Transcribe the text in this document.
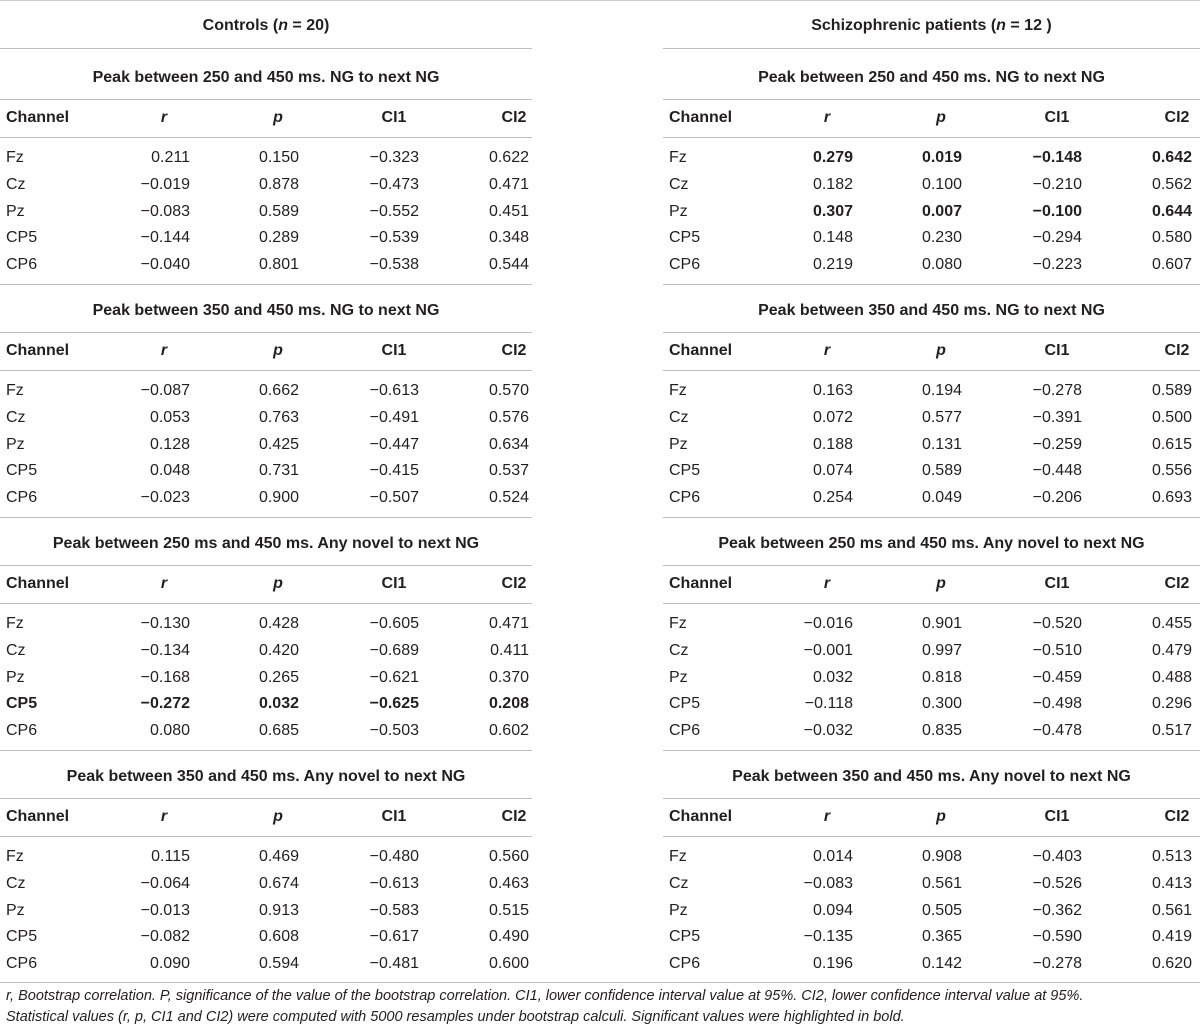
r, Bootstrap correlation. P, significance of the value of the bootstrap correlation. CI1, lower confidence interval value at 95%. CI2, lower confidence interval value at 95%.
Statistical values (r, p, CI1 and CI2) were computed with 5000 resamples under bootstrap calculi. Significant values were highlighted in bold.
Controls (n = 20)
Peak between 250 and 450 ms. NG to next NG
Channel	r	p	CI1	CI2
Fz	0.211	0.150	−0.323	0.622
Cz	−0.019	0.878	−0.473	0.471
Pz	−0.083	0.589	−0.552	0.451
CP5	−0.144	0.289	−0.539	0.348
CP6	−0.040	0.801	−0.538	0.544
Peak between 350 and 450 ms. NG to next NG
Channel	r	p	CI1	CI2
Fz	−0.087	0.662	−0.613	0.570
Cz	0.053	0.763	−0.491	0.576
Pz	0.128	0.425	−0.447	0.634
CP5	0.048	0.731	−0.415	0.537
CP6	−0.023	0.900	−0.507	0.524
Peak between 250 ms and 450 ms. Any novel to next NG
Channel	r	p	CI1	CI2
Fz	−0.130	0.428	−0.605	0.471
Cz	−0.134	0.420	−0.689	0.411
Pz	−0.168	0.265	−0.621	0.370
CP5	−0.272	0.032	−0.625	0.208
CP6	0.080	0.685	−0.503	0.602
Peak between 350 and 450 ms. Any novel to next NG
Channel	r	p	CI1	CI2
Fz	0.115	0.469	−0.480	0.560
Cz	−0.064	0.674	−0.613	0.463
Pz	−0.013	0.913	−0.583	0.515
CP5	−0.082	0.608	−0.617	0.490
CP6	0.090	0.594	−0.481	0.600
Schizophrenic patients (n = 12 )
Peak between 250 and 450 ms. NG to next NG
Channel	r	p	CI1	CI2
Fz	0.279	0.019	−0.148	0.642
Cz	0.182	0.100	−0.210	0.562
Pz	0.307	0.007	−0.100	0.644
CP5	0.148	0.230	−0.294	0.580
CP6	0.219	0.080	−0.223	0.607
Peak between 350 and 450 ms. NG to next NG
Channel	r	p	CI1	CI2
Fz	0.163	0.194	−0.278	0.589
Cz	0.072	0.577	−0.391	0.500
Pz	0.188	0.131	−0.259	0.615
CP5	0.074	0.589	−0.448	0.556
CP6	0.254	0.049	−0.206	0.693
Peak between 250 ms and 450 ms. Any novel to next NG
Channel	r	p	CI1	CI2
Fz	−0.016	0.901	−0.520	0.455
Cz	−0.001	0.997	−0.510	0.479
Pz	0.032	0.818	−0.459	0.488
CP5	−0.118	0.300	−0.498	0.296
CP6	−0.032	0.835	−0.478	0.517
Peak between 350 and 450 ms. Any novel to next NG
Channel	r	p	CI1	CI2
Fz	0.014	0.908	−0.403	0.513
Cz	−0.083	0.561	−0.526	0.413
Pz	0.094	0.505	−0.362	0.561
CP5	−0.135	0.365	−0.590	0.419
CP6	0.196	0.142	−0.278	0.620
